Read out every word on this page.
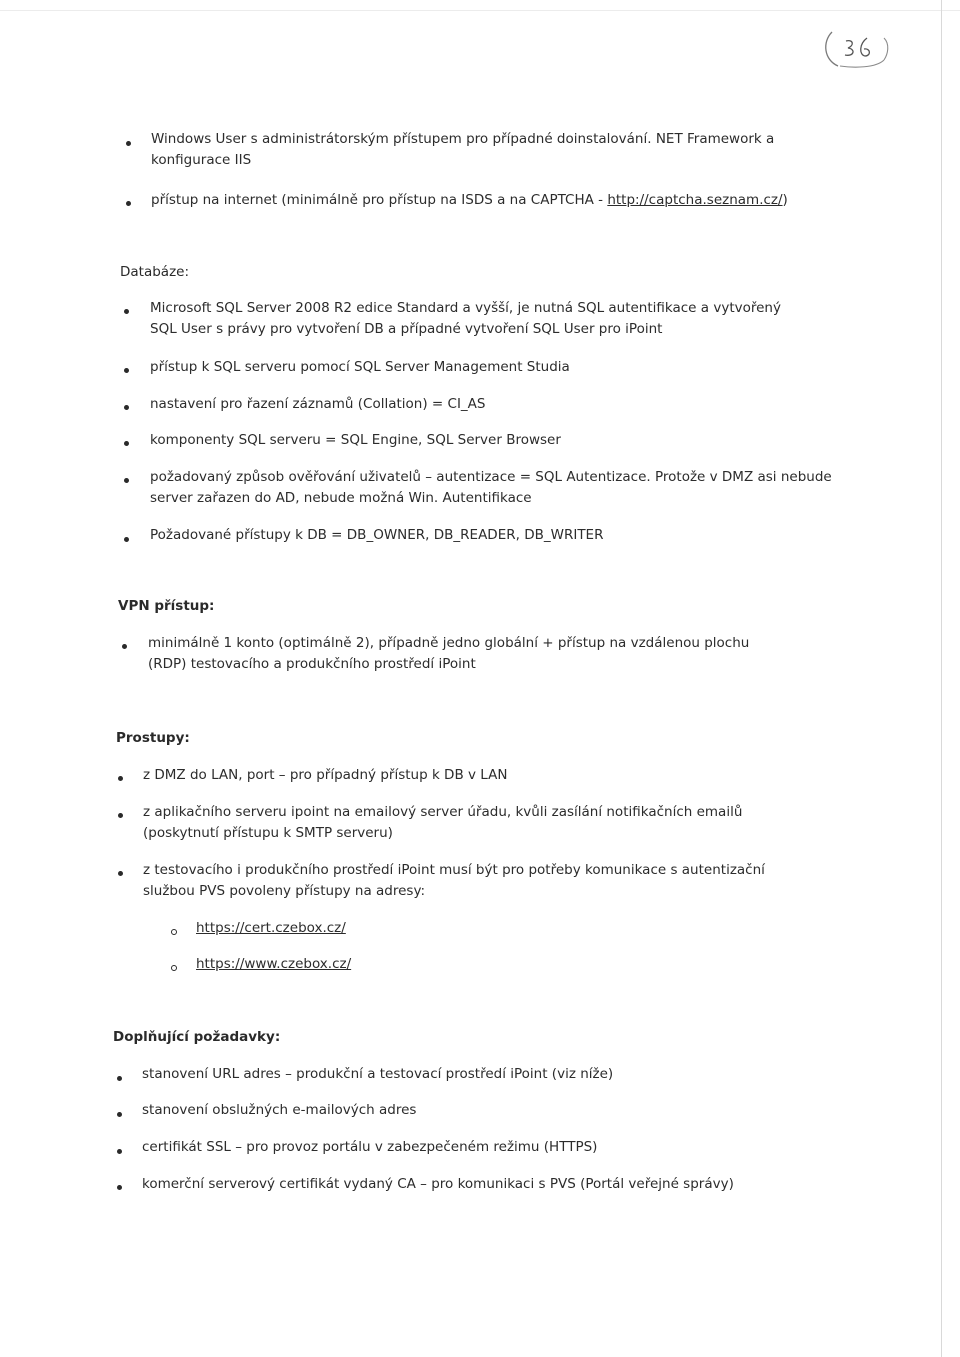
Windows User s administrátorským přístupem pro případné doinstalování. NET Framework a konfigurace IIS
přístup na internet (minimálně pro přístup na ISDS a na CAPTCHA - http://captcha.seznam.cz/)
Databáze:
Microsoft SQL Server 2008 R2 edice Standard a vyšší, je nutná SQL autentifikace a vytvořený SQL User s právy pro vytvoření DB a případné vytvoření SQL User pro iPoint
přístup k SQL serveru pomocí SQL Server Management Studia
nastavení pro řazení záznamů (Collation) = CI_AS
komponenty SQL serveru = SQL Engine, SQL Server Browser
požadovaný způsob ověřování uživatelů – autentizace = SQL Autentizace. Protože v DMZ asi nebude server zařazen do AD, nebude možná Win. Autentifikace
Požadované přístupy k DB = DB_OWNER, DB_READER, DB_WRITER
VPN přístup:
minimálně 1 konto (optimálně 2), případně jedno globální + přístup na vzdálenou plochu (RDP) testovacího a produkčního prostředí iPoint
Prostupy:
z DMZ do LAN, port – pro případný přístup k DB v LAN
z aplikačního serveru ipoint na emailový server úřadu, kvůli zasílání notifikačních emailů (poskytnutí přístupu k SMTP serveru)
z testovacího i produkčního prostředí iPoint musí být pro potřeby komunikace s autentizační službou PVS povoleny přístupy na adresy:
https://cert.czebox.cz/
https://www.czebox.cz/
Doplňující požadavky:
stanovení URL adres – produkční a testovací prostředí iPoint (viz níže)
stanovení obslužných e-mailových adres
certifikát SSL – pro provoz portálu v zabezpečeném režimu (HTTPS)
komerční serverový certifikát vydaný CA – pro komunikaci s PVS (Portál veřejné správy)
